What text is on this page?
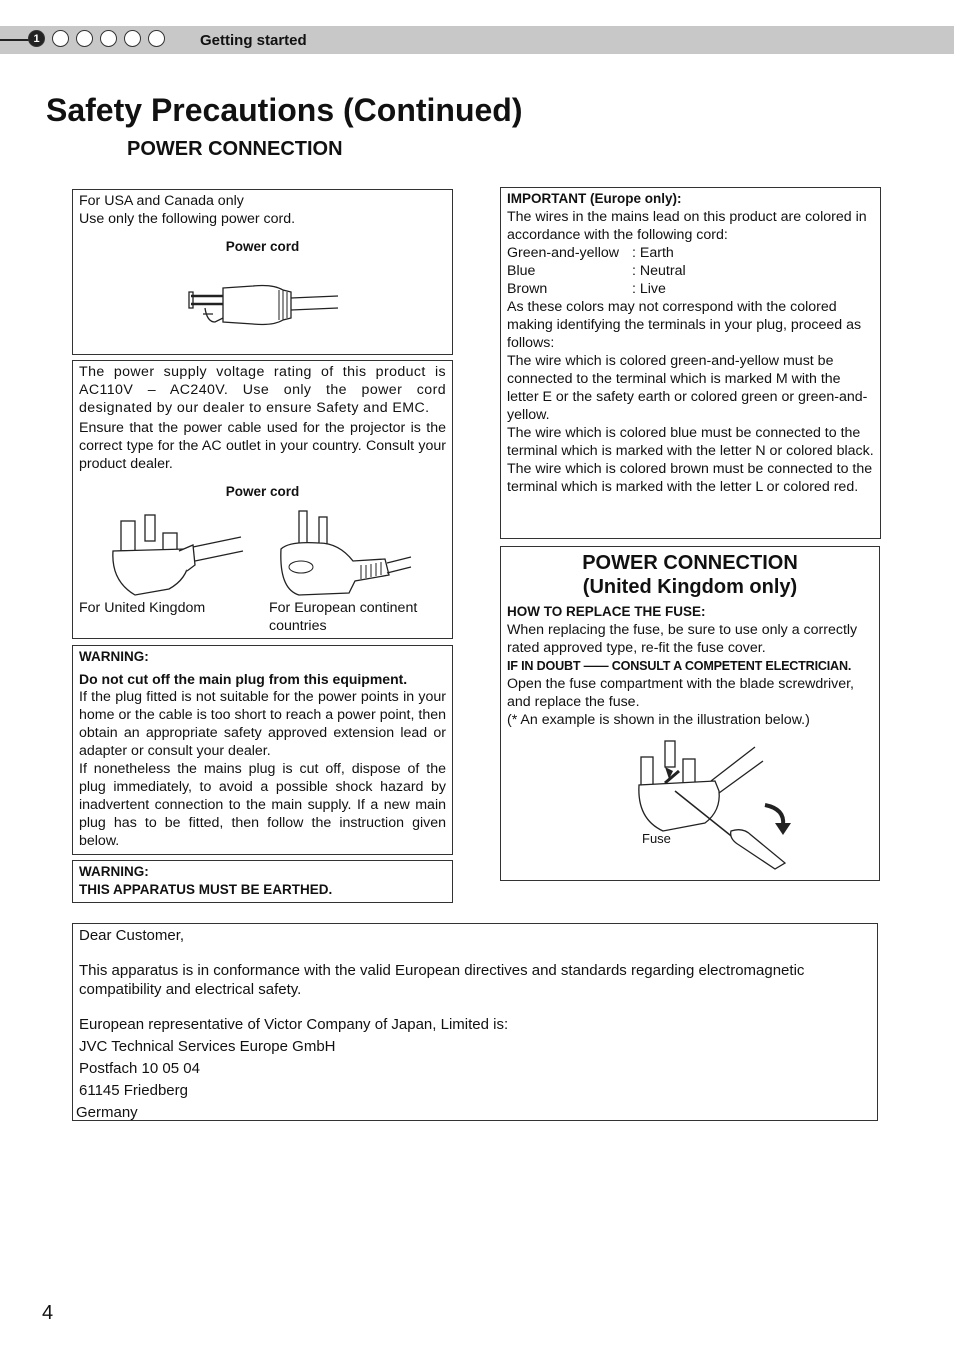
1	Getting started
Safety Precautions (Continued)
POWER CONNECTION

For USA and Canada only

Use only the following power cord.

Power cord

The power supply voltage rating of this product is AC110V – AC240V. Use only the power cord designated by our dealer to ensure Safety and EMC.

Ensure that the power cable used for the projector is the correct type for the AC outlet in your country. Consult your product dealer.

Power cord

For United Kingdom	For European continent countries

WARNING:

Do not cut off the main plug from this equipment.

If the plug fitted is not suitable for the power points in your home or the cable is too short to reach a power point, then obtain an appropriate safety approved extension lead or adapter or consult your dealer.

If nonetheless the mains plug is cut off, dispose of the plug immediately, to avoid a possible shock hazard by inadvertent connection to the main supply. If a new main plug has to be fitted, then follow the instruction given below.

WARNING:

THIS APPARATUS MUST BE EARTHED.

IMPORTANT (Europe only):

The wires in the mains lead on this product are colored in accordance with the following cord:

Green-and-yellow : Earth
Blue	: Neutral
Brown	: Live

As these colors may not correspond with the colored making identifying the terminals in your plug, proceed as follows:

The wire which is colored green-and-yellow must be connected to the terminal which is marked M with the letter E or the safety earth or colored green or green-and-yellow.

The wire which is colored blue must be connected to the terminal which is marked with the letter N or colored black.

The wire which is colored brown must be connected to the terminal which is marked with the letter L or colored red.

POWER CONNECTION
(United Kingdom only)

HOW TO REPLACE THE FUSE:

When replacing the fuse, be sure to use only a correctly rated approved type, re-fit the fuse cover.

IF IN DOUBT —— CONSULT A COMPETENT ELECTRICIAN.

Open the fuse compartment with the blade screwdriver, and replace the fuse.

(* An example is shown in the illustration below.)

Fuse

Dear Customer,

This apparatus is in conformance with the valid European directives and standards regarding electromagnetic compatibility and electrical safety.

European representative of Victor Company of Japan, Limited is:

JVC Technical Services Europe GmbH

Postfach 10 05 04

61145 Friedberg

Germany

4
